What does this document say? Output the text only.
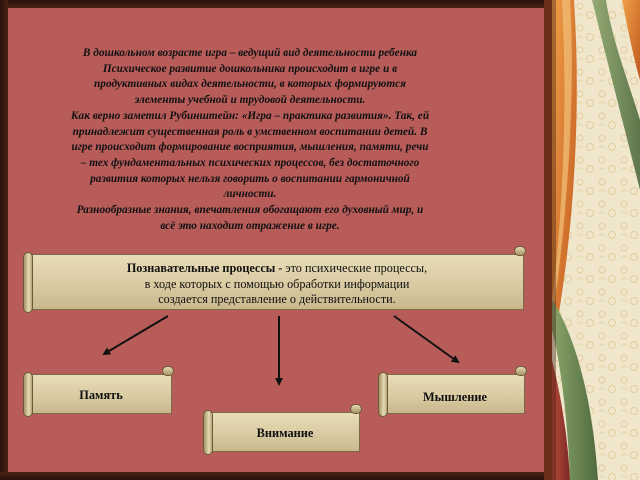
В дошкольном возрасте игра – ведущий вид деятельности ребенка
Психическое развитие дошкольника происходит в игре и в
продуктивных видах деятельности, в которых формируются
элементы учебной и трудовой деятельности.
Как верно заметил Рубинштейн: «Игра – практика развития». Так, ей
принадлежит существенная роль в умственном воспитании детей. В
игре происходит формирование восприятия, мышления, памяти, речи
– тех фундаментальных психических процессов, без достаточного
развития которых нельзя говорить о воспитании гармоничной
личности.
Разнообразные знания, впечатления обогащают его духовный мир, и
всё это находит отражение в игре.

Познавательные процессы - это психические процессы,
в ходе которых с помощью обработки информации
создается представление о действительности.

Память
Внимание
Мышление
